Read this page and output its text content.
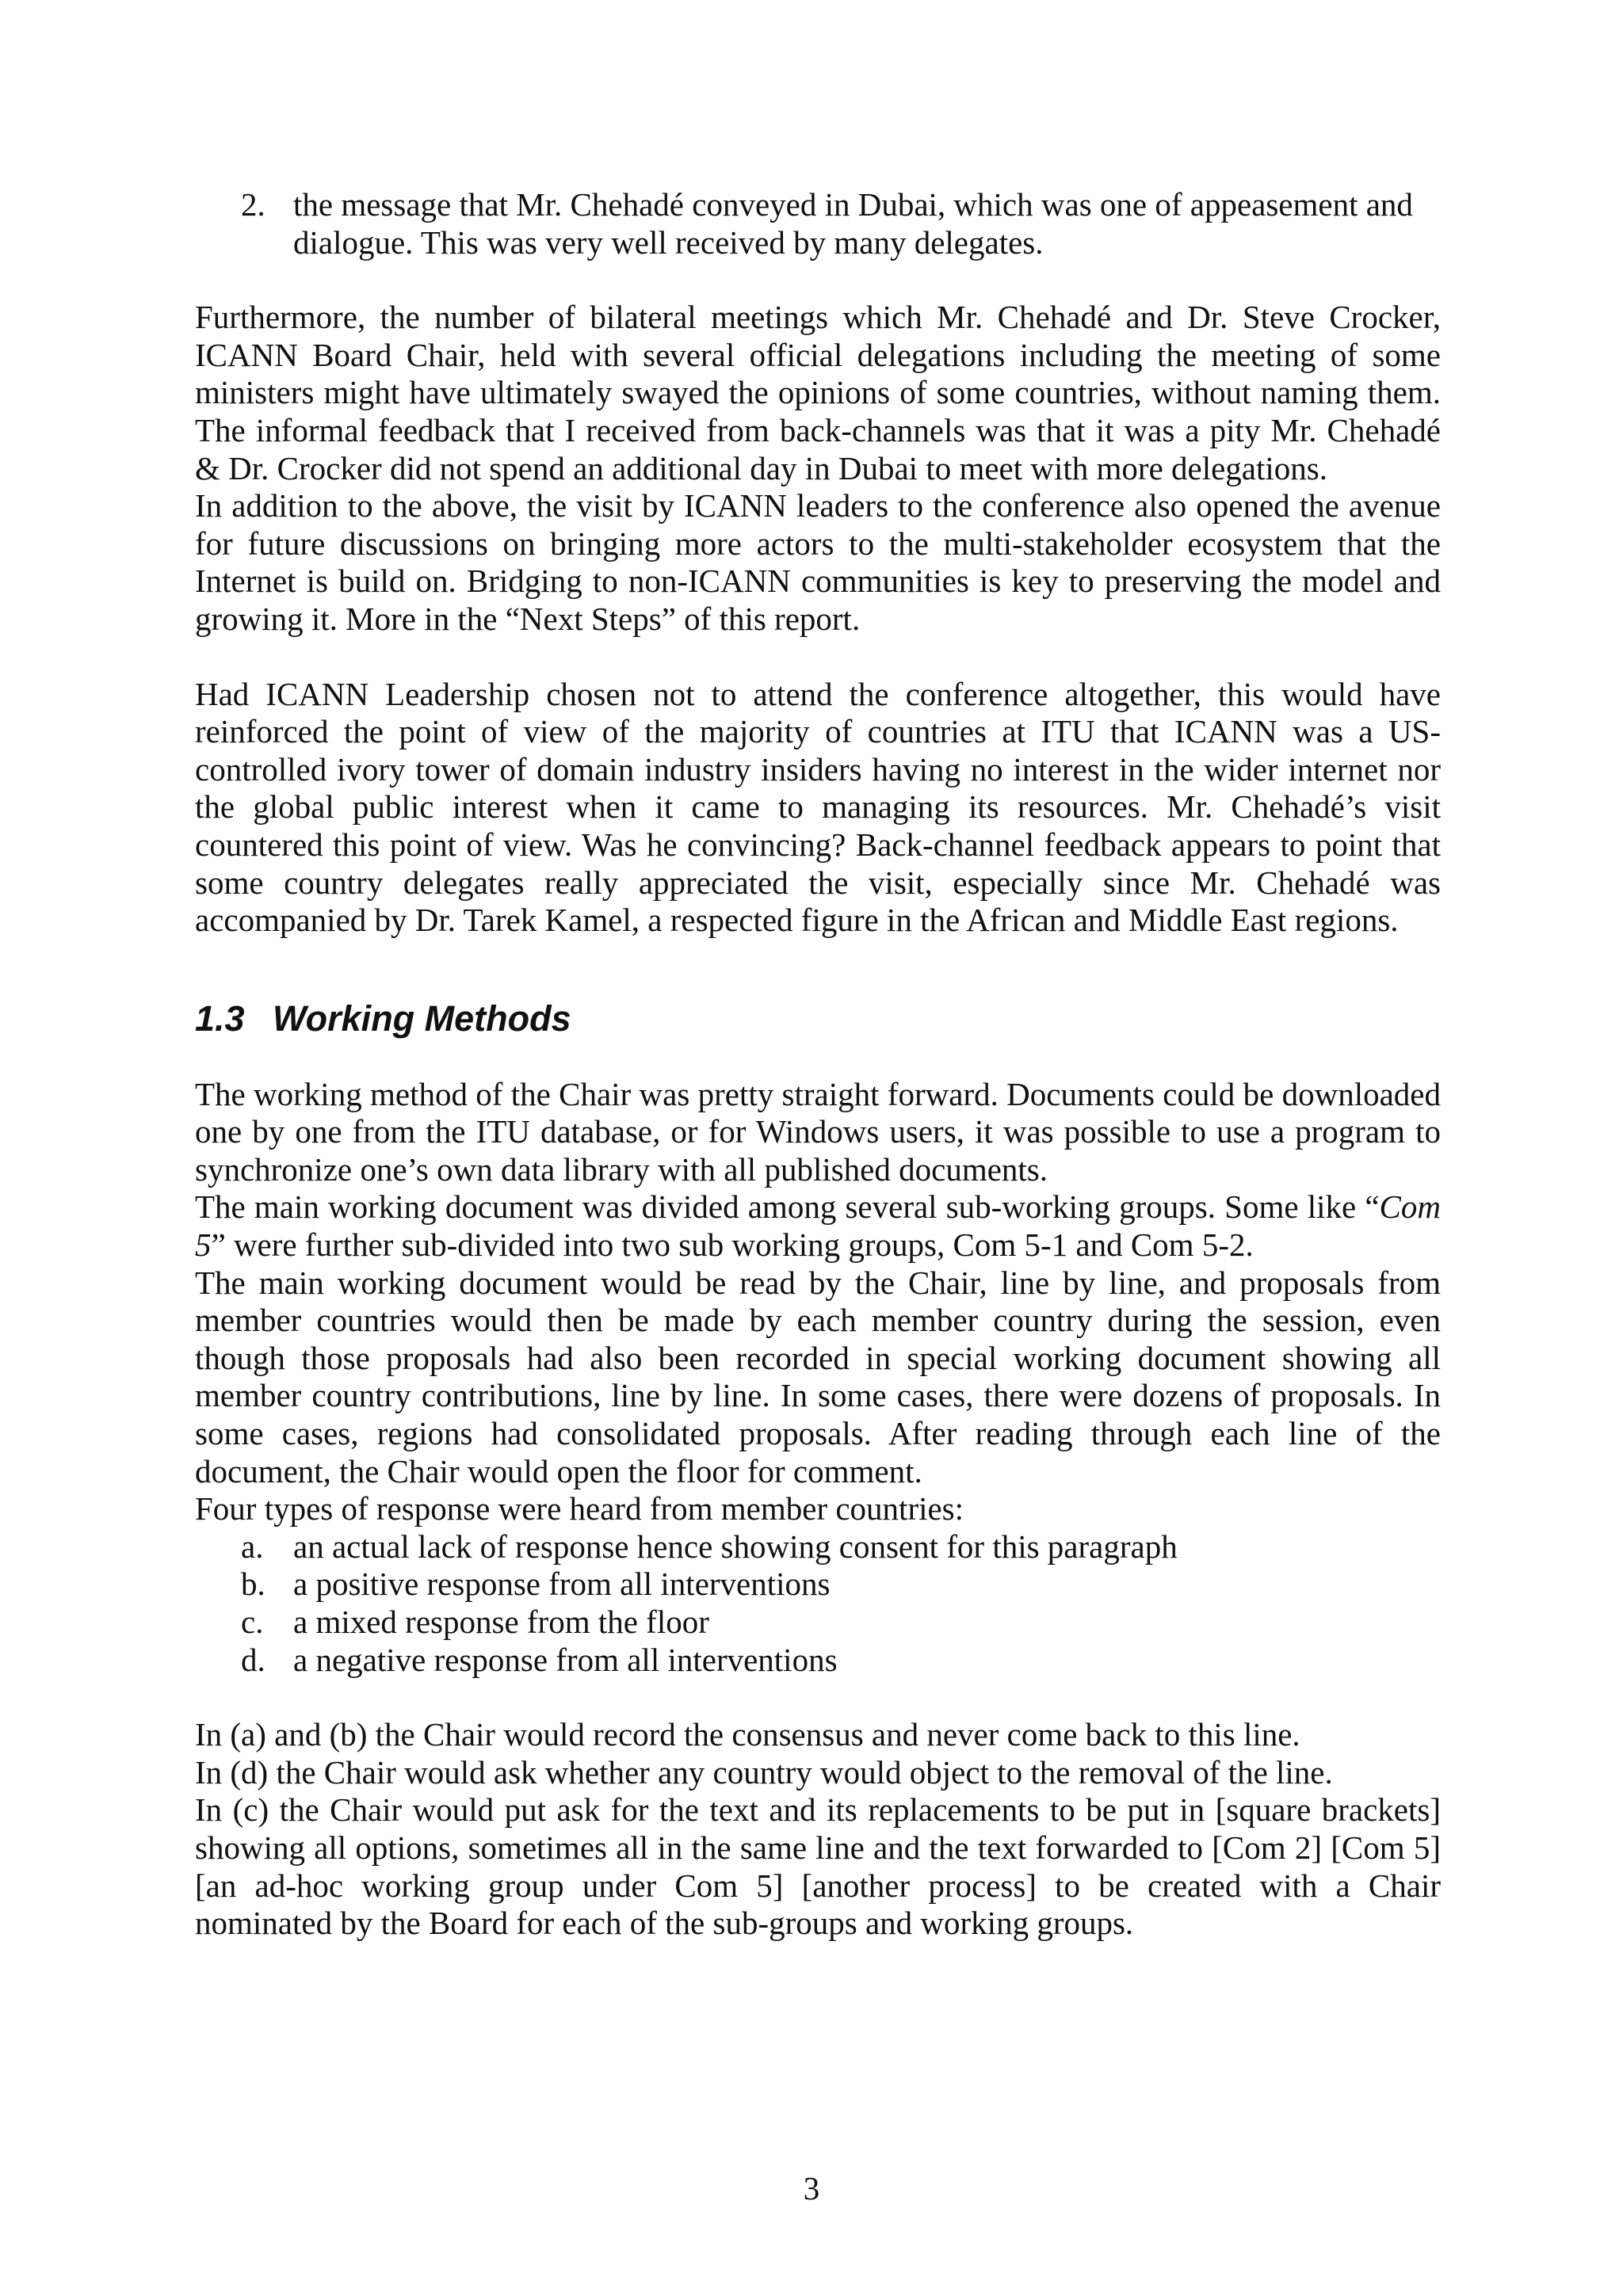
2. the message that Mr. Chehadé conveyed in Dubai, which was one of appeasement and dialogue. This was very well received by many delegates.

Furthermore, the number of bilateral meetings which Mr. Chehadé and Dr. Steve Crocker, ICANN Board Chair, held with several official delegations including the meeting of some ministers might have ultimately swayed the opinions of some countries, without naming them. The informal feedback that I received from back-channels was that it was a pity Mr. Chehadé & Dr. Crocker did not spend an additional day in Dubai to meet with more delegations.

In addition to the above, the visit by ICANN leaders to the conference also opened the avenue for future discussions on bringing more actors to the multi-stakeholder ecosystem that the Internet is build on. Bridging to non-ICANN communities is key to preserving the model and growing it. More in the “Next Steps” of this report.

Had ICANN Leadership chosen not to attend the conference altogether, this would have reinforced the point of view of the majority of countries at ITU that ICANN was a US-controlled ivory tower of domain industry insiders having no interest in the wider internet nor the global public interest when it came to managing its resources. Mr. Chehadé’s visit countered this point of view. Was he convincing? Back-channel feedback appears to point that some country delegates really appreciated the visit, especially since Mr. Chehadé was accompanied by Dr. Tarek Kamel, a respected figure in the African and Middle East regions.

1.3 Working Methods

The working method of the Chair was pretty straight forward. Documents could be downloaded one by one from the ITU database, or for Windows users, it was possible to use a program to synchronize one’s own data library with all published documents.

The main working document was divided among several sub-working groups. Some like “Com 5” were further sub-divided into two sub working groups, Com 5-1 and Com 5-2.

The main working document would be read by the Chair, line by line, and proposals from member countries would then be made by each member country during the session, even though those proposals had also been recorded in special working document showing all member country contributions, line by line. In some cases, there were dozens of proposals. In some cases, regions had consolidated proposals. After reading through each line of the document, the Chair would open the floor for comment.

Four types of response were heard from member countries:

a. an actual lack of response hence showing consent for this paragraph
b. a positive response from all interventions
c. a mixed response from the floor
d. a negative response from all interventions

In (a) and (b) the Chair would record the consensus and never come back to this line.

In (d) the Chair would ask whether any country would object to the removal of the line.

In (c) the Chair would put ask for the text and its replacements to be put in [square brackets] showing all options, sometimes all in the same line and the text forwarded to [Com 2] [Com 5] [an ad-hoc working group under Com 5] [another process] to be created with a Chair nominated by the Board for each of the sub-groups and working groups.

3
